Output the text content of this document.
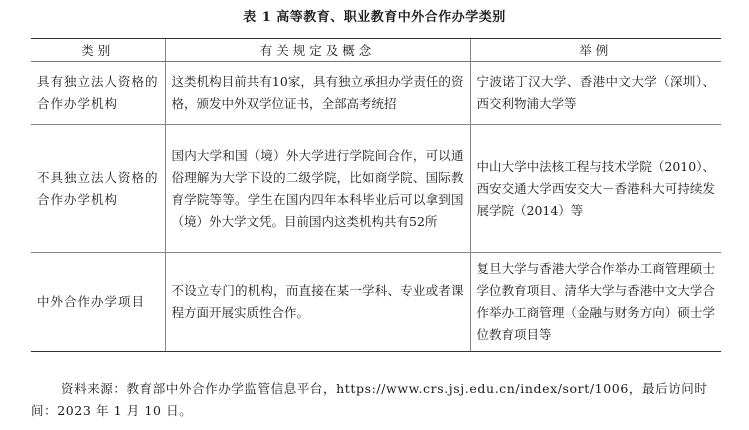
表 1 高等教育、职业教育中外合作办学类别
类别	有关规定及概念	举例
具有独立法人资格的合作办学机构	这类机构目前共有10家，具有独立承担办学责任的资格，颁发中外双学位证书，全部高考统招	宁波诺丁汉大学、香港中文大学（深圳）、西交利物浦大学等
不具独立法人资格的合作办学机构	国内大学和国（境）外大学进行学院间合作，可以通俗理解为大学下设的二级学院，比如商学院、国际教育学院等等。学生在国内四年本科毕业后可以拿到国（境）外大学文凭。目前国内这类机构共有52所	中山大学中法核工程与技术学院（2010）、西安交通大学西安交大－香港科大可持续发展学院（2014）等
中外合作办学项目	不设立专门的机构，而直接在某一学科、专业或者课程方面开展实质性合作。	复旦大学与香港大学合作举办工商管理硕士学位教育项目、清华大学与香港中文大学合作举办工商管理（金融与财务方向）硕士学位教育项目等
资料来源：教育部中外合作办学监管信息平台，https://www.crs.jsj.edu.cn/index/sort/1006，最后访问时间：2023 年 1 月 10 日。
